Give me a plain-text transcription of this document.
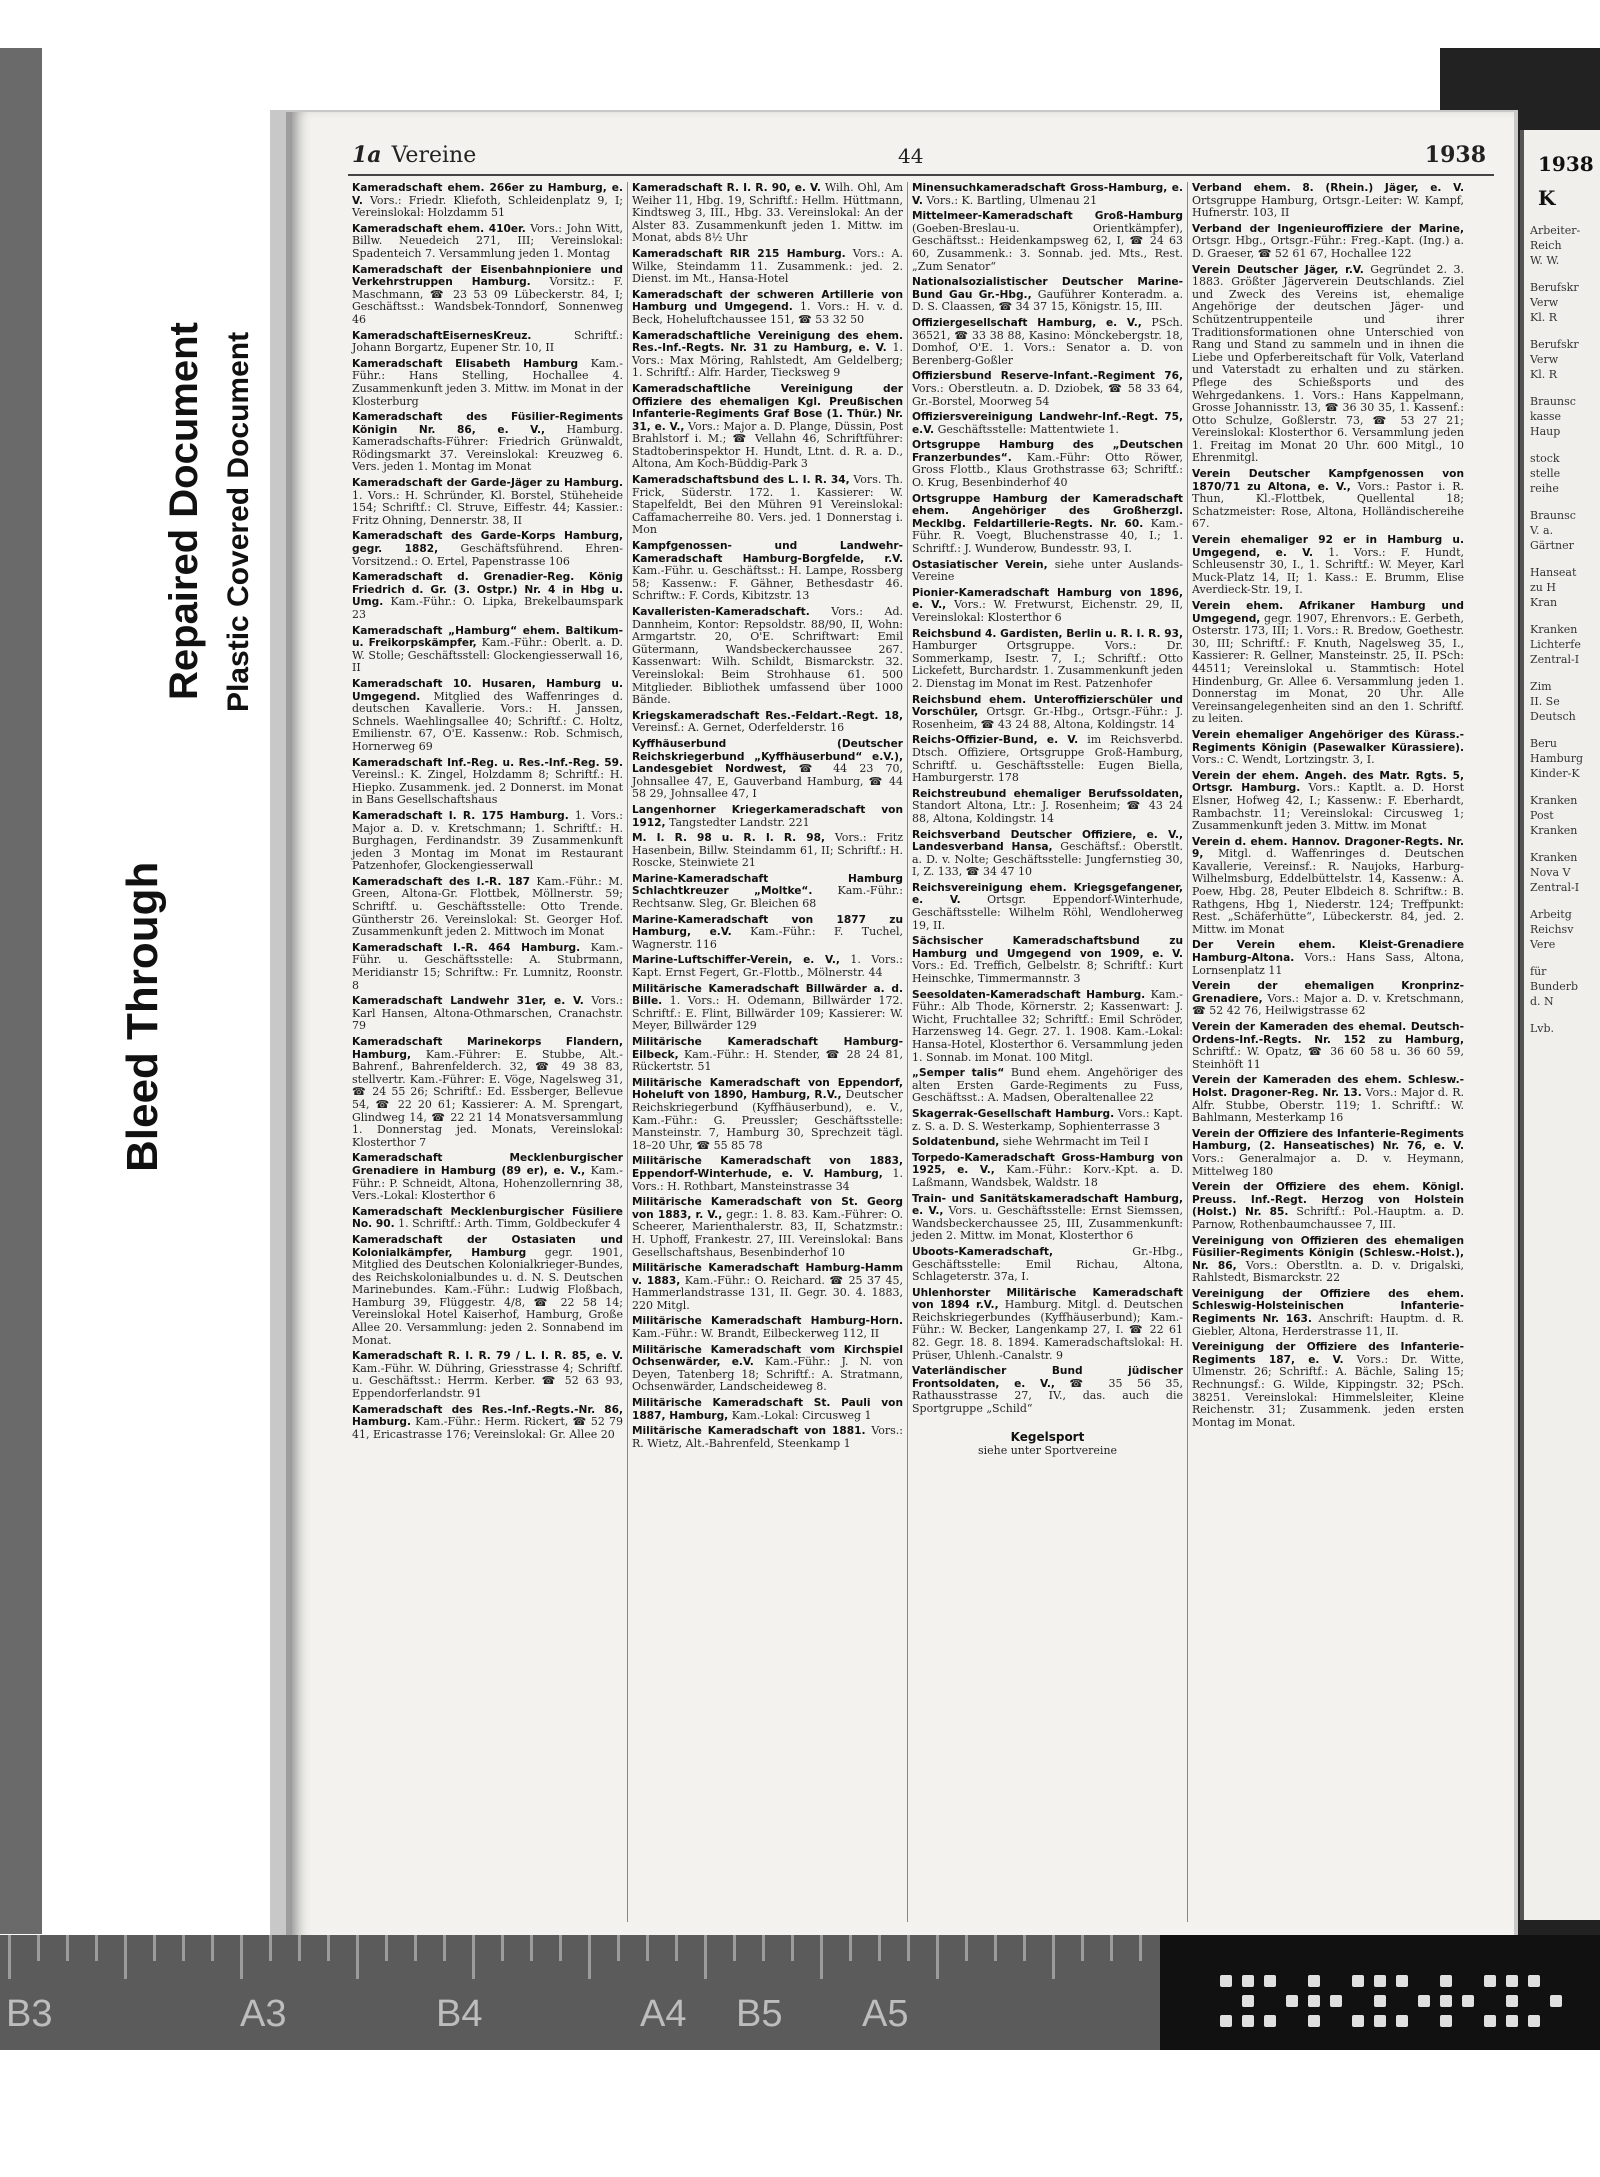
Bleed Through
Repaired Document Plastic Covered Document
1938
K
Arbeiter-
Reich
W. W.
Berufskr
Verw
Kl. R
Berufskr
Verw
Kl. R
Braunsc
kasse
Haup
stock
stelle
reihe
Braunsc
V. a.
Gärtner
Hanseat
zu H
Kran
Kranken
Lichterfe
Zentral-I
Zim
II. Se
Deutsch
Beru
Hamburg
Kinder-K
Kranken
Post
Kranken
Kranken
Nova V
Zentral-I
Arbeitg
Reichsv
Vere
für
Bunderb
d. N
Lvb.
1a Vereine	44	1938
Kameradschaft ehem. 266er zu Hamburg, e. V. Vors.: Friedr. Kliefoth, Schleidenplatz 9, I; Vereinslokal: Holzdamm 51
Kameradschaft ehem. 410er. Vors.: John Witt, Billw. Neuedeich 271, III; Vereinslokal: Spadenteich 7. Versammlung jeden 1. Montag
Kameradschaft der Eisenbahnpioniere und Verkehrstruppen Hamburg. Vorsitz.: F. Maschmann, ☎ 23 53 09 Lübeckerstr. 84, I; Geschäftsst.: Wandsbek-Tonndorf, Sonnenweg 46
KameradschaftEisernesKreuz. Schriftf.: Johann Borgartz, Eupener Str. 10, II
Kameradschaft Elisabeth Hamburg Kam.-Führ.: Hans Stelling, Hochallee 4. Zusammenkunft jeden 3. Mittw. im Monat in der Klosterburg
Kameradschaft des Füsilier-Regiments Königin Nr. 86, e. V., Hamburg. Kameradschafts-Führer: Friedrich Grünwaldt, Rödingsmarkt 37. Vereinslokal: Kreuzweg 6. Vers. jeden 1. Montag im Monat
Kameradschaft der Garde-Jäger zu Hamburg. 1. Vors.: H. Schründer, Kl. Borstel, Stüheheide 154; Schriftf.: Cl. Struve, Eiffestr. 44; Kassier.: Fritz Ohning, Dennerstr. 38, II
Kameradschaft des Garde-Korps Hamburg, gegr. 1882, Geschäftsführend. Ehren-Vorsitzend.: O. Ertel, Papenstrasse 106
Kameradschaft d. Grenadier-Reg. König Friedrich d. Gr. (3. Ostpr.) Nr. 4 in Hbg u. Umg. Kam.-Führ.: O. Lipka, Brekelbaumspark 23
Kameradschaft „Hamburg“ ehem. Baltikum- u. Freikorpskämpfer, Kam.-Führ.: Oberlt. a. D. W. Stolle; Geschäftsstell: Glockengiesserwall 16, II
Kameradschaft 10. Husaren, Hamburg u. Umgegend. Mitglied des Waffenringes d. deutschen Kavallerie. Vors.: H. Janssen, Schnels. Waehlingsallee 40; Schriftf.: C. Holtz, Emilienstr. 67, O'E. Kassenw.: Rob. Schmisch, Hornerweg 69
Kameradschaft Inf.-Reg. u. Res.-Inf.-Reg. 59. Vereinsl.: K. Zingel, Holzdamm 8; Schriftf.: H. Hiepko. Zusammenk. jed. 2 Donnerst. im Monat in Bans Gesellschaftshaus
Kameradschaft I. R. 175 Hamburg. 1. Vors.: Major a. D. v. Kretschmann; 1. Schriftf.: H. Burghagen, Ferdinandstr. 39 Zusammenkunft jeden 3 Montag im Monat im Restaurant Patzenhofer, Glockengiesserwall
Kameradschaft des I.-R. 187 Kam.-Führ.: M. Green, Altona-Gr. Flottbek, Möllnerstr. 59; Schriftf. u. Geschäftsstelle: Otto Trende. Güntherstr 26. Vereinslokal: St. Georger Hof. Zusammenkunft jeden 2. Mittwoch im Monat
Kameradschaft I.-R. 464 Hamburg. Kam.-Führ. u. Geschäftsstelle: A. Stubrmann, Meridianstr 15; Schriftw.: Fr. Lumnitz, Roonstr. 8
Kameradschaft Landwehr 31er, e. V. Vors.: Karl Hansen, Altona-Othmarschen, Cranachstr. 79
Kameradschaft Marinekorps Flandern, Hamburg, Kam.-Führer: E. Stubbe, Alt.-Bahrenf., Bahrenfelderch. 32, ☎ 49 38 83, stellvertr. Kam.-Führer: E. Vöge, Nagelsweg 31, ☎ 24 55 26; Schriftf.: Ed. Essberger, Bellevue 54, ☎ 22 20 61; Kassierer: A. M. Sprengart, Glindweg 14, ☎ 22 21 14 Monatsversammlung 1. Donnerstag jed. Monats, Vereinslokal: Klosterthor 7
Kameradschaft Mecklenburgischer Grenadiere in Hamburg (89 er), e. V., Kam.-Führ.: P. Schneidt, Altona, Hohenzollernring 38, Vers.-Lokal: Klosterthor 6
Kameradschaft Mecklenburgischer Füsiliere No. 90. 1. Schriftf.: Arth. Timm, Goldbeckufer 4
Kameradschaft der Ostasiaten und Kolonialkämpfer, Hamburg gegr. 1901, Mitglied des Deutschen Kolonialkrieger-Bundes, des Reichskolonialbundes u. d. N. S. Deutschen Marinebundes. Kam.-Führ.: Ludwig Floßbach, Hamburg 39, Flüggestr. 4/8, ☎ 22 58 14; Vereinslokal Hotel Kaiserhof, Hamburg, Große Allee 20. Versammlung: jeden 2. Sonnabend im Monat.
Kameradschaft R. I. R. 79 / L. I. R. 85, e. V. Kam.-Führ. W. Dühring, Griesstrasse 4; Schriftf. u. Geschäftsst.: Herrm. Kerber. ☎ 52 63 93, Eppendorferlandstr. 91
Kameradschaft des Res.-Inf.-Regts.-Nr. 86, Hamburg. Kam.-Führ.: Herm. Rickert, ☎ 52 79 41, Ericastrasse 176; Vereinslokal: Gr. Allee 20
Kameradschaft R. I. R. 90, e. V. Wilh. Ohl, Am Weiher 11, Hbg. 19, Schriftf.: Hellm. Hüttmann, Kindtsweg 3, III., Hbg. 33. Vereinslokal: An der Alster 83. Zusammenkunft jeden 1. Mittw. im Monat, abds 8½ Uhr
Kameradschaft RIR 215 Hamburg. Vors.: A. Wilke, Steindamm 11. Zusammenk.: jed. 2. Dienst. im Mt., Hansa-Hotel
Kameradschaft der schweren Artillerie von Hamburg und Umgegend. 1. Vors.: H. v. d. Beck, Hoheluftchaussee 151, ☎ 53 32 50
Kameradschaftliche Vereinigung des ehem. Res.-Inf.-Regts. Nr. 31 zu Hamburg, e. V. 1. Vors.: Max Möring, Rahlstedt, Am Geldelberg; 1. Schriftf.: Alfr. Harder, Tiecksweg 9
Kameradschaftliche Vereinigung der Offiziere des ehemaligen Kgl. Preußischen Infanterie-Regiments Graf Bose (1. Thür.) Nr. 31, e. V., Vors.: Major a. D. Plange, Düssin, Post Brahlstorf i. M.; ☎ Vellahn 46, Schriftführer: Stadtoberinspektor H. Hundt, Ltnt. d. R. a. D., Altona, Am Koch-Büddig-Park 3
Kameradschaftsbund des L. I. R. 34, Vors. Th. Frick, Süderstr. 172. 1. Kassierer: W. Stapelfeldt, Bei den Mühren 91 Vereinslokal: Caffamacherreihe 80. Vers. jed. 1 Donnerstag i. Mon
Kampfgenossen- und Landwehr-Kameradschaft Hamburg-Borgfelde, r.V. Kam.-Führ. u. Geschäftsst.: H. Lampe, Rossberg 58; Kassenw.: F. Gähner, Bethesdastr 46. Schriftw.: F. Cords, Kibitzstr. 13
Kavalleristen-Kameradschaft. Vors.: Ad. Dannheim, Kontor: Repsoldstr. 88/90, II, Wohn: Armgartstr. 20, O'E. Schriftwart: Emil Gütermann, Wandsbeckerchaussee 267. Kassenwart: Wilh. Schildt, Bismarckstr. 32. Vereinslokal: Beim Strohhause 61. 500 Mitglieder. Bibliothek umfassend über 1000 Bände.
Kriegskameradschaft Res.-Feldart.-Regt. 18, Vereinsf.: A. Gernet, Oderfelderstr. 16
Kyffhäuserbund (Deutscher Reichskriegerbund „Kyffhäuserbund“ e.V.), Landesgebiet Nordwest, ☎ 44 23 70, Johnsallee 47, E, Gauverband Hamburg, ☎ 44 58 29, Johnsallee 47, I
Langenhorner Kriegerkameradschaft von 1912, Tangstedter Landstr. 221
M. I. R. 98 u. R. I. R. 98, Vors.: Fritz Hasenbein, Billw. Steindamm 61, II; Schriftf.: H. Roscke, Steinwiete 21
Marine-Kameradschaft Hamburg Schlachtkreuzer „Moltke“. Kam.-Führ.: Rechtsanw. Sleg, Gr. Bleichen 68
Marine-Kameradschaft von 1877 zu Hamburg, e.V. Kam.-Führ.: F. Tuchel, Wagnerstr. 116
Marine-Luftschiffer-Verein, e. V., 1. Vors.: Kapt. Ernst Fegert, Gr.-Flottb., Mölnerstr. 44
Militärische Kameradschaft Billwärder a. d. Bille. 1. Vors.: H. Odemann, Billwärder 172. Schriftf.: E. Flint, Billwärder 109; Kassierer: W. Meyer, Billwärder 129
Militärische Kameradschaft Hamburg-Eilbeck, Kam.-Führ.: H. Stender, ☎ 28 24 81, Rückertstr. 51
Militärische Kameradschaft von Eppendorf, Hoheluft von 1890, Hamburg, R.V., Deutscher Reichskriegerbund (Kyffhäuserbund), e. V., Kam.-Führ.: G. Preussler; Geschäftsstelle: Mansteinstr. 7, Hamburg 30, Sprechzeit tägl. 18–20 Uhr, ☎ 55 85 78
Militärische Kameradschaft von 1883, Eppendorf-Winterhude, e. V. Hamburg, 1. Vors.: H. Rothbart, Mansteinstrasse 34
Militärische Kameradschaft von St. Georg von 1883, r. V., gegr.: 1. 8. 83. Kam.-Führer: O. Scheerer, Marienthalerstr. 83, II, Schatzmstr.: H. Uphoff, Frankestr. 27, III. Vereinslokal: Bans Gesellschaftshaus, Besenbinderhof 10
Militärische Kameradschaft Hamburg-Hamm v. 1883, Kam.-Führ.: O. Reichard. ☎ 25 37 45, Hammerlandstrasse 131, II. Gegr. 30. 4. 1883, 220 Mitgl.
Militärische Kameradschaft Hamburg-Horn. Kam.-Führ.: W. Brandt, Eilbeckerweg 112, II
Militärische Kameradschaft vom Kirchspiel Ochsenwärder, e.V. Kam.-Führ.: J. N. von Deyen, Tatenberg 18; Schriftf.: A. Stratmann, Ochsenwärder, Landscheideweg 8.
Militärische Kameradschaft St. Pauli von 1887, Hamburg, Kam.-Lokal: Circusweg 1
Militärische Kameradschaft von 1881. Vors.: R. Wietz, Alt.-Bahrenfeld, Steenkamp 1
Minensuchkameradschaft Gross-Hamburg, e. V. Vors.: K. Bartling, Ulmenau 21
Mittelmeer-Kameradschaft Groß-Hamburg (Goeben-Breslau-u. Orientkämpfer), Geschäftsst.: Heidenkampsweg 62, I, ☎ 24 63 60, Zusammenk.: 3. Sonnab. jed. Mts., Rest. „Zum Senator“
Nationalsozialistischer Deutscher Marine-Bund Gau Gr.-Hbg., Gauführer Konteradm. a. D. S. Claassen, ☎ 34 37 15, Königstr. 15, III.
Offiziergesellschaft Hamburg, e. V., PSch. 36521, ☎ 33 38 88, Kasino: Mönckebergstr. 18, Domhof, O'E. 1. Vors.: Senator a. D. von Berenberg-Goßler
Offiziersbund Reserve-Infant.-Regiment 76, Vors.: Oberstleutn. a. D. Dziobek, ☎ 58 33 64, Gr.-Borstel, Moorweg 54
Offiziersvereinigung Landwehr-Inf.-Regt. 75, e.V. Geschäftsstelle: Mattentwiete 1.
Ortsgruppe Hamburg des „Deutschen Franzerbundes“. Kam.-Führ: Otto Röwer, Gross Flottb., Klaus Grothstrasse 63; Schriftf.: O. Krug, Besenbinderhof 40
Ortsgruppe Hamburg der Kameradschaft ehem. Angehöriger des Großherzgl. Mecklbg. Feldartillerie-Regts. Nr. 60. Kam.-Führ. R. Voegt, Bluchenstrasse 40, I.; 1. Schriftf.: J. Wunderow, Bundesstr. 93, I.
Ostasiatischer Verein, siehe unter Auslands-Vereine
Pionier-Kameradschaft Hamburg von 1896, e. V., Vors.: W. Fretwurst, Eichenstr. 29, II, Vereinslokal: Klosterthor 6
Reichsbund 4. Gardisten, Berlin u. R. I. R. 93, Hamburger Ortsgruppe. Vors.: Dr. Sommerkamp, Isestr. 7, I.; Schriftf.: Otto Lickefett, Burchardstr. 1. Zusammenkunft jeden 2. Dienstag im Monat im Rest. Patzenhofer
Reichsbund ehem. Unteroffizierschüler und Vorschüler, Ortsgr. Gr.-Hbg., Ortsgr.-Führ.: J. Rosenheim, ☎ 43 24 88, Altona, Koldingstr. 14
Reichs-Offizier-Bund, e. V. im Reichsverbd. Dtsch. Offiziere, Ortsgruppe Groß-Hamburg, Schriftf. u. Geschäftsstelle: Eugen Biella, Hamburgerstr. 178
Reichstreubund ehemaliger Berufssoldaten, Standort Altona, Ltr.: J. Rosenheim; ☎ 43 24 88, Altona, Koldingstr. 14
Reichsverband Deutscher Offiziere, e. V., Landesverband Hansa, Geschäftsf.: Oberstlt. a. D. v. Nolte; Geschäftsstelle: Jungfernstieg 30, I, Z. 133, ☎ 34 47 10
Reichsvereinigung ehem. Kriegsgefangener, e. V. Ortsgr. Eppendorf-Winterhude, Geschäftsstelle: Wilhelm Röhl, Wendloherweg 19, II.
Sächsischer Kameradschaftsbund zu Hamburg und Umgegend von 1909, e. V. Vors.: Ed. Treffich, Gelbelstr. 8; Schriftf.: Kurt Heinschke, Timmermannstr. 3
Seesoldaten-Kameradschaft Hamburg. Kam.-Führ.: Alb Thode, Körnerstr. 2; Kassenwart: J. Wicht, Fruchtallee 32; Schriftf.: Emil Schröder, Harzensweg 14. Gegr. 27. 1. 1908. Kam.-Lokal: Hansa-Hotel, Klosterthor 6. Versammlung jeden 1. Sonnab. im Monat. 100 Mitgl.
„Semper talis“ Bund ehem. Angehöriger des alten Ersten Garde-Regiments zu Fuss, Geschäftsst.: A. Madsen, Oberaltenallee 22
Skagerrak-Gesellschaft Hamburg. Vors.: Kapt. z. S. a. D. S. Westerkamp, Sophienterrasse 3
Soldatenbund, siehe Wehrmacht im Teil I
Torpedo-Kameradschaft Gross-Hamburg von 1925, e. V., Kam.-Führ.: Korv.-Kpt. a. D. Laßmann, Wandsbek, Waldstr. 18
Train- und Sanitätskameradschaft Hamburg, e. V., Vors. u. Geschäftsstelle: Ernst Siemssen, Wandsbeckerchaussee 25, III, Zusammenkunft: jeden 2. Mittw. im Monat, Klosterthor 6
Uboots-Kameradschaft, Gr.-Hbg., Geschäftsstelle: Emil Richau, Altona, Schlageterstr. 37a, I.
Uhlenhorster Militärische Kameradschaft von 1894 r.V., Hamburg. Mitgl. d. Deutschen Reichskriegerbundes (Kyffhäuserbund); Kam.-Führ.: W. Becker, Langenkamp 27, I. ☎ 22 61 82. Gegr. 18. 8. 1894. Kameradschaftslokal: H. Prüser, Uhlenh.-Canalstr. 9
Vaterländischer Bund jüdischer Frontsoldaten, e. V., ☎ 35 56 35, Rathausstrasse 27, IV., das. auch die Sportgruppe „Schild“
Kegelsport
siehe unter Sportvereine
Verband ehem. 8. (Rhein.) Jäger, e. V. Ortsgruppe Hamburg, Ortsgr.-Leiter: W. Kampf, Hufnerstr. 103, II
Verband der Ingenieuroffiziere der Marine, Ortsgr. Hbg., Ortsgr.-Führ.: Freg.-Kapt. (Ing.) a. D. Graeser, ☎ 52 61 67, Hochallee 122
Verein Deutscher Jäger, r.V. Gegründet 2. 3. 1883. Größter Jägerverein Deutschlands. Ziel und Zweck des Vereins ist, ehemalige Angehörige der deutschen Jäger- und Schützentruppenteile und ihrer Traditionsformationen ohne Unterschied von Rang und Stand zu sammeln und in ihnen die Liebe und Opferbereitschaft für Volk, Vaterland und Vaterstadt zu erhalten und zu stärken. Pflege des Schießsports und des Wehrgedankens. 1. Vors.: Hans Kappelmann, Grosse Johannisstr. 13, ☎ 36 30 35, 1. Kassenf.: Otto Schulze, Goßlerstr. 73, ☎ 53 27 21; Vereinslokal: Klosterthor 6. Versammlung jeden 1. Freitag im Monat 20 Uhr. 600 Mitgl., 10 Ehrenmitgl.
Verein Deutscher Kampfgenossen von 1870/71 zu Altona, e. V., Vors.: Pastor i. R. Thun, Kl.-Flottbek, Quellental 18; Schatzmeister: Rose, Altona, Holländischereihe 67.
Verein ehemaliger 92 er in Hamburg u. Umgegend, e. V. 1. Vors.: F. Hundt, Schleusenstr 30, I., 1. Schriftf.: W. Meyer, Karl Muck-Platz 14, II; 1. Kass.: E. Brumm, Elise Averdieck-Str. 19, I.
Verein ehem. Afrikaner Hamburg und Umgegend, gegr. 1907, Ehrenvors.: E. Gerbeth, Osterstr. 173, III; 1. Vors.: R. Bredow, Goethestr. 30, III; Schriftf.: F. Knuth, Nagelsweg 35, I., Kassierer: R. Gellner, Mansteinstr. 25, II. PSch: 44511; Vereinslokal u. Stammtisch: Hotel Hindenburg, Gr. Allee 6. Versammlung jeden 1. Donnerstag im Monat, 20 Uhr. Alle Vereinsangelegenheiten sind an den 1. Schriftf. zu leiten.
Verein ehemaliger Angehöriger des Kürass.-Regiments Königin (Pasewalker Kürassiere). Vors.: C. Wendt, Lortzingstr. 3, I.
Verein der ehem. Angeh. des Matr. Rgts. 5, Ortsgr. Hamburg. Vors.: Kaptlt. a. D. Horst Elsner, Hofweg 42, I.; Kassenw.: F. Eberhardt, Rambachstr. 11; Vereinslokal: Circusweg 1; Zusammenkunft jeden 3. Mittw. im Monat
Verein d. ehem. Hannov. Dragoner-Regts. Nr. 9, Mitgl. d. Waffenringes d. Deutschen Kavallerie, Vereinsf.: R. Naujoks, Harburg-Wilhelmsburg, Eddelbüttelstr. 14, Kassenw.: A. Poew, Hbg. 28, Peuter Elbdeich 8. Schriftw.: B. Rathgens, Hbg 1, Niederstr. 124; Treffpunkt: Rest. „Schäferhütte“, Lübeckerstr. 84, jed. 2. Mittw. im Monat
Der Verein ehem. Kleist-Grenadiere Hamburg-Altona. Vors.: Hans Sass, Altona, Lornsenplatz 11
Verein der ehemaligen Kronprinz-Grenadiere, Vors.: Major a. D. v. Kretschmann, ☎ 52 42 76, Heilwigstrasse 62
Verein der Kameraden des ehemal. Deutsch-Ordens-Inf.-Regts. Nr. 152 zu Hamburg, Schriftf.: W. Opatz, ☎ 36 60 58 u. 36 60 59, Steinhöft 11
Verein der Kameraden des ehem. Schlesw.-Holst. Dragoner-Reg. Nr. 13. Vors.: Major d. R. Alfr. Stubbe, Oberstr. 119; 1. Schriftf.: W. Bahlmann, Mesterkamp 16
Verein der Offiziere des Infanterie-Regiments Hamburg, (2. Hanseatisches) Nr. 76, e. V. Vors.: Generalmajor a. D. v. Heymann, Mittelweg 180
Verein der Offiziere des ehem. Königl. Preuss. Inf.-Regt. Herzog von Holstein (Holst.) Nr. 85. Schriftf.: Pol.-Hauptm. a. D. Parnow, Rothenbaumchaussee 7, III.
Vereinigung von Offizieren des ehemaligen Füsilier-Regiments Königin (Schlesw.-Holst.), Nr. 86, Vors.: Oberstltn. a. D. v. Drigalski, Rahlstedt, Bismarckstr. 22
Vereinigung der Offiziere des ehem. Schleswig-Holsteinischen Infanterie-Regiments Nr. 163. Anschrift: Hauptm. d. R. Giebler, Altona, Herderstrasse 11, II.
Vereinigung der Offiziere des Infanterie-Regiments 187, e. V. Vors.: Dr. Witte, Ulmenstr. 26; Schriftf.: A. Bächle, Saling 15; Rechnungsf.: G. Wilde, Kippingstr. 32; PSch. 38251. Vereinslokal: Himmelsleiter, Kleine Reichenstr. 31; Zusammenk. jeden ersten Montag im Monat.
B3	A3	B4	A4 B5 A5
